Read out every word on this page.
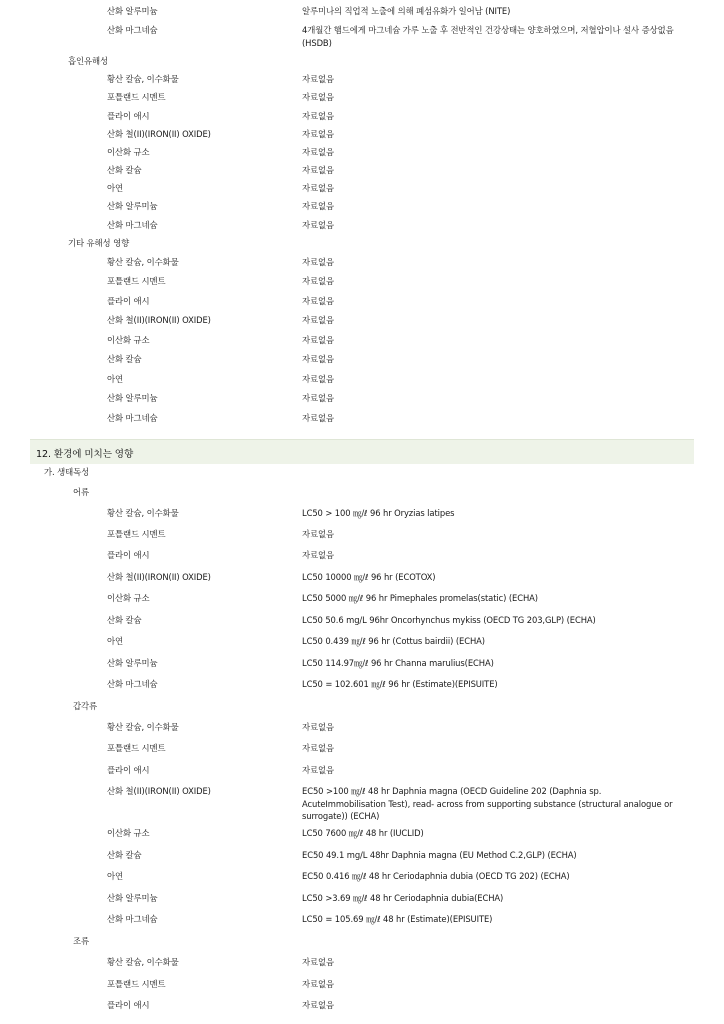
산화 알루미늄	알루미나의 직업적 노출에 의해 폐섬유화가 일어남 (NITE)
산화 마그네슘	4개월간 햄드에게 마그네슘 가루 노출 후 전반적인 건강상태는 양호하였으며, 저혈압이나 설사 증상없음(HSDB)
흡인유해성
황산 칼슘, 이수화물	자료없음
포틀랜드 시멘트	자료없음
플라이 애시	자료없음
산화 철(II)(IRON(II) OXIDE)	자료없음
이산화 규소	자료없음
산화 칼슘	자료없음
아연	자료없음
산화 알루미늄	자료없음
산화 마그네슘	자료없음
기타 유해성 영향
황산 칼슘, 이수화물	자료없음
포틀랜드 시멘트	자료없음
플라이 애시	자료없음
산화 철(II)(IRON(II) OXIDE)	자료없음
이산화 규소	자료없음
산화 칼슘	자료없음
아연	자료없음
산화 알루미늄	자료없음
산화 마그네슘	자료없음
12. 환경에 미치는 영향
가. 생태독성
어류
황산 칼슘, 이수화물	LC50 > 100 ㎎/ℓ 96 hr Oryzias latipes
포틀랜드 시멘트	자료없음
플라이 애시	자료없음
산화 철(II)(IRON(II) OXIDE)	LC50 10000 ㎎/ℓ 96 hr (ECOTOX)
이산화 규소	LC50 5000 ㎎/ℓ 96 hr Pimephales promelas(static) (ECHA)
산화 칼슘	LC50 50.6 mg/L 96hr Oncorhynchus mykiss (OECD TG 203,GLP) (ECHA)
아연	LC50 0.439 ㎎/ℓ 96 hr (Cottus bairdii) (ECHA)
산화 알루미늄	LC50 114.97㎎/ℓ 96 hr Channa marulius(ECHA)
산화 마그네슘	LC50 = 102.601 ㎎/ℓ 96 hr (Estimate)(EPISUITE)
갑각류
황산 칼슘, 이수화물	자료없음
포틀랜드 시멘트	자료없음
플라이 애시	자료없음
산화 철(II)(IRON(II) OXIDE)	EC50 >100 ㎎/ℓ 48 hr Daphnia magna (OECD Guideline 202 (Daphnia sp. AcuteImmobilisation Test), read- across from supporting substance (structural analogue or surrogate)) (ECHA)
이산화 규소	LC50 7600 ㎎/ℓ 48 hr (IUCLID)
산화 칼슘	EC50 49.1 mg/L 48hr Daphnia magna (EU Method C.2,GLP) (ECHA)
아연	EC50 0.416 ㎎/ℓ 48 hr Ceriodaphnia dubia (OECD TG 202) (ECHA)
산화 알루미늄	LC50 >3.69 ㎎/ℓ 48 hr Ceriodaphnia dubia(ECHA)
산화 마그네슘	LC50 = 105.69 ㎎/ℓ 48 hr (Estimate)(EPISUITE)
조류
황산 칼슘, 이수화물	자료없음
포틀랜드 시멘트	자료없음
플라이 애시	자료없음
